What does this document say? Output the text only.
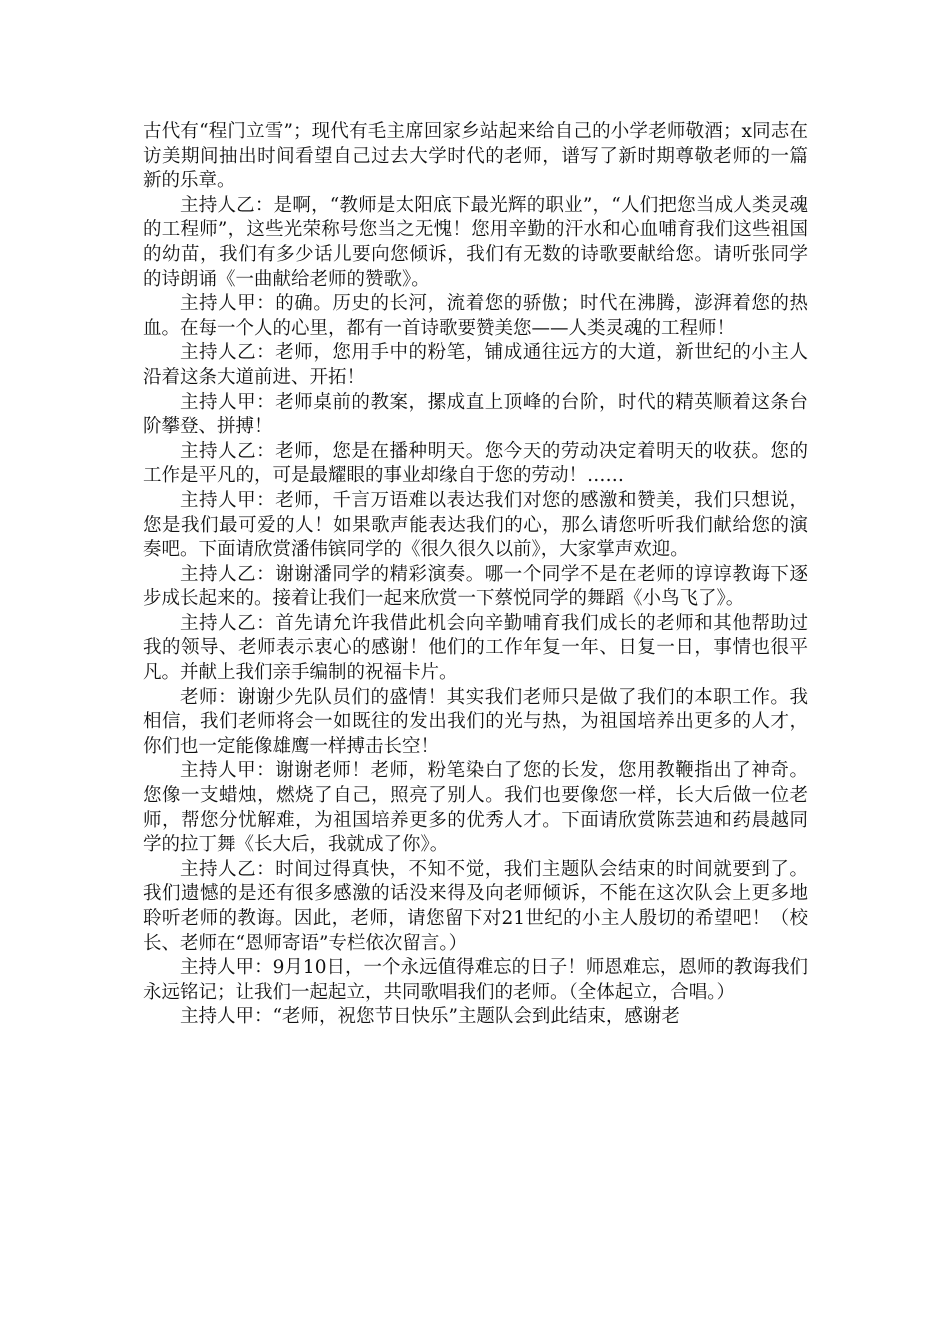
古代有“程门立雪”；现代有毛主席回家乡站起来给自己的小学老师敬酒；x同志在访美期间抽出时间看望自己过去大学时代的老师，谱写了新时期尊敬老师的一篇新的乐章。

主持人乙：是啊，“教师是太阳底下最光辉的职业”，“人们把您当成人类灵魂的工程师”，这些光荣称号您当之无愧！您用辛勤的汗水和心血哺育我们这些祖国的幼苗，我们有多少话儿要向您倾诉，我们有无数的诗歌要献给您。请听张同学的诗朗诵《一曲献给老师的赞歌》。

主持人甲：的确。历史的长河，流着您的骄傲；时代在沸腾，澎湃着您的热血。在每一个人的心里，都有一首诗歌要赞美您——人类灵魂的工程师！

主持人乙：老师，您用手中的粉笔，铺成通往远方的大道，新世纪的小主人沿着这条大道前进、开拓！

主持人甲：老师桌前的教案，摞成直上顶峰的台阶，时代的精英顺着这条台阶攀登、拼搏！

主持人乙：老师，您是在播种明天。您今天的劳动决定着明天的收获。您的工作是平凡的，可是最耀眼的事业却缘自于您的劳动！……

主持人甲：老师，千言万语难以表达我们对您的感激和赞美，我们只想说，您是我们最可爱的人！如果歌声能表达我们的心，那么请您听听我们献给您的演奏吧。下面请欣赏潘伟镔同学的《很久很久以前》，大家掌声欢迎。

主持人乙：谢谢潘同学的精彩演奏。哪一个同学不是在老师的谆谆教诲下逐步成长起来的。接着让我们一起来欣赏一下蔡悦同学的舞蹈《小鸟飞了》。

主持人乙：首先请允许我借此机会向辛勤哺育我们成长的老师和其他帮助过我的领导、老师表示衷心的感谢！他们的工作年复一年、日复一日，事情也很平凡。并献上我们亲手编制的祝福卡片。

老师：谢谢少先队员们的盛情！其实我们老师只是做了我们的本职工作。我相信，我们老师将会一如既往的发出我们的光与热，为祖国培养出更多的人才，你们也一定能像雄鹰一样搏击长空！

主持人甲：谢谢老师！老师，粉笔染白了您的长发，您用教鞭指出了神奇。您像一支蜡烛，燃烧了自己，照亮了别人。我们也要像您一样，长大后做一位老师，帮您分忧解难，为祖国培养更多的优秀人才。下面请欣赏陈芸迪和药晨越同学的拉丁舞《长大后，我就成了你》。

主持人乙：时间过得真快，不知不觉，我们主题队会结束的时间就要到了。我们遗憾的是还有很多感激的话没来得及向老师倾诉，不能在这次队会上更多地聆听老师的教诲。因此，老师，请您留下对21世纪的小主人殷切的希望吧！（校长、老师在“恩师寄语”专栏依次留言。）

主持人甲：9月10日，一个永远值得难忘的日子！师恩难忘，恩师的教诲我们永远铭记；让我们一起起立，共同歌唱我们的老师。（全体起立，合唱。）

主持人甲：“老师，祝您节日快乐”主题队会到此结束，感谢老
